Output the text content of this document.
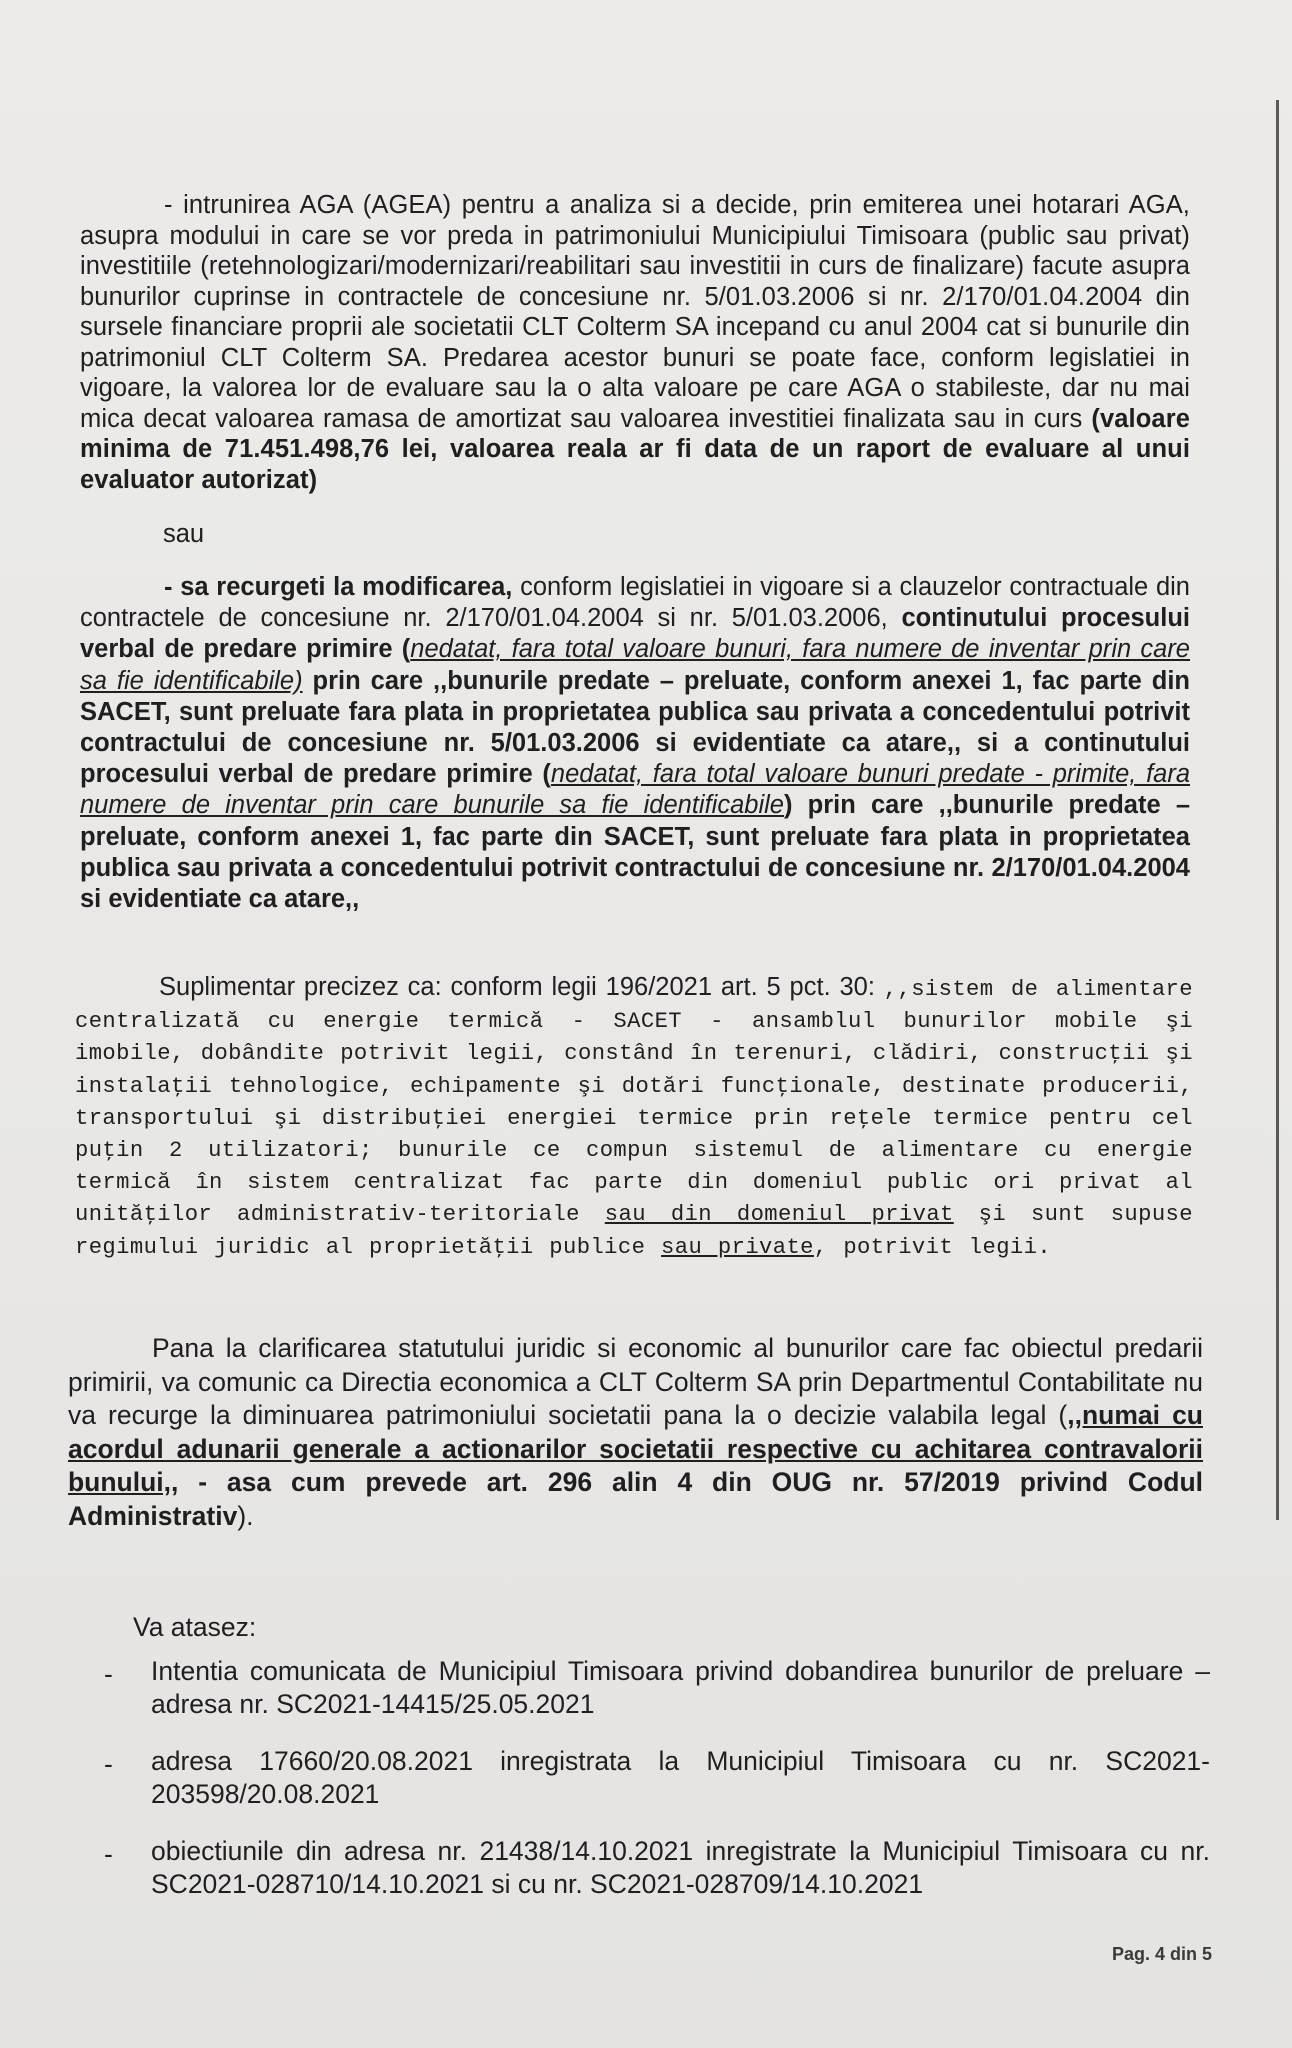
- intrunirea AGA (AGEA) pentru a analiza si a decide, prin emiterea unei hotarari AGA, asupra modului in care se vor preda in patrimoniului Municipiului Timisoara (public sau privat) investitiile (retehnologizari/modernizari/reabilitari sau investitii in curs de finalizare) facute asupra bunurilor cuprinse in contractele de concesiune nr. 5/01.03.2006 si nr. 2/170/01.04.2004 din sursele financiare proprii ale societatii CLT Colterm SA incepand cu anul 2004 cat si bunurile din patrimoniul CLT Colterm SA. Predarea acestor bunuri se poate face, conform legislatiei in vigoare, la valorea lor de evaluare sau la o alta valoare pe care AGA o stabileste, dar nu mai mica decat valoarea ramasa de amortizat sau valoarea investitiei finalizata sau in curs (valoare minima de 71.451.498,76 lei, valoarea reala ar fi data de un raport de evaluare al unui evaluator autorizat)

sau

- sa recurgeti la modificarea, conform legislatiei in vigoare si a clauzelor contractuale din contractele de concesiune nr. 2/170/01.04.2004 si nr. 5/01.03.2006, continutului procesului verbal de predare primire (nedatat, fara total valoare bunuri, fara numere de inventar prin care sa fie identificabile) prin care ,,bunurile predate – preluate, conform anexei 1, fac parte din SACET, sunt preluate fara plata in proprietatea publica sau privata a concedentului potrivit contractului de concesiune nr. 5/01.03.2006 si evidentiate ca atare,, si a continutului procesului verbal de predare primire (nedatat, fara total valoare bunuri predate - primite, fara numere de inventar prin care bunurile sa fie identificabile) prin care ,,bunurile predate – preluate, conform anexei 1, fac parte din SACET, sunt preluate fara plata in proprietatea publica sau privata a concedentului potrivit contractului de concesiune nr. 2/170/01.04.2004 si evidentiate ca atare,,

Suplimentar precizez ca: conform legii 196/2021 art. 5 pct. 30: ,,sistem de alimentare centralizată cu energie termică - SACET - ansamblul bunurilor mobile şi imobile, dobândite potrivit legii, constând în terenuri, clădiri, construcţii şi instalaţii tehnologice, echipamente şi dotări funcţionale, destinate producerii, transportului şi distribuţiei energiei termice prin reţele termice pentru cel puţin 2 utilizatori; bunurile ce compun sistemul de alimentare cu energie termică în sistem centralizat fac parte din domeniul public ori privat al unităţilor administrativ-teritoriale sau din domeniul privat şi sunt supuse regimului juridic al proprietăţii publice sau private, potrivit legii.

Pana la clarificarea statutului juridic si economic al bunurilor care fac obiectul predarii primirii, va comunic ca Directia economica a CLT Colterm SA prin Departmentul Contabilitate nu va recurge la diminuarea patrimoniului societatii pana la o decizie valabila legal (,,numai cu acordul adunarii generale a actionarilor societatii respective cu achitarea contravalorii bunului,, - asa cum prevede art. 296 alin 4 din OUG nr. 57/2019 privind Codul Administrativ).

Va atasez:
- Intentia comunicata de Municipiul Timisoara privind dobandirea bunurilor de preluare – adresa nr. SC2021-14415/25.05.2021
- adresa 17660/20.08.2021 inregistrata la Municipiul Timisoara cu nr. SC2021-203598/20.08.2021
- obiectiunile din adresa nr. 21438/14.10.2021 inregistrate la Municipiul Timisoara cu nr. SC2021-028710/14.10.2021 si cu nr. SC2021-028709/14.10.2021
Pag. 4 din 5
